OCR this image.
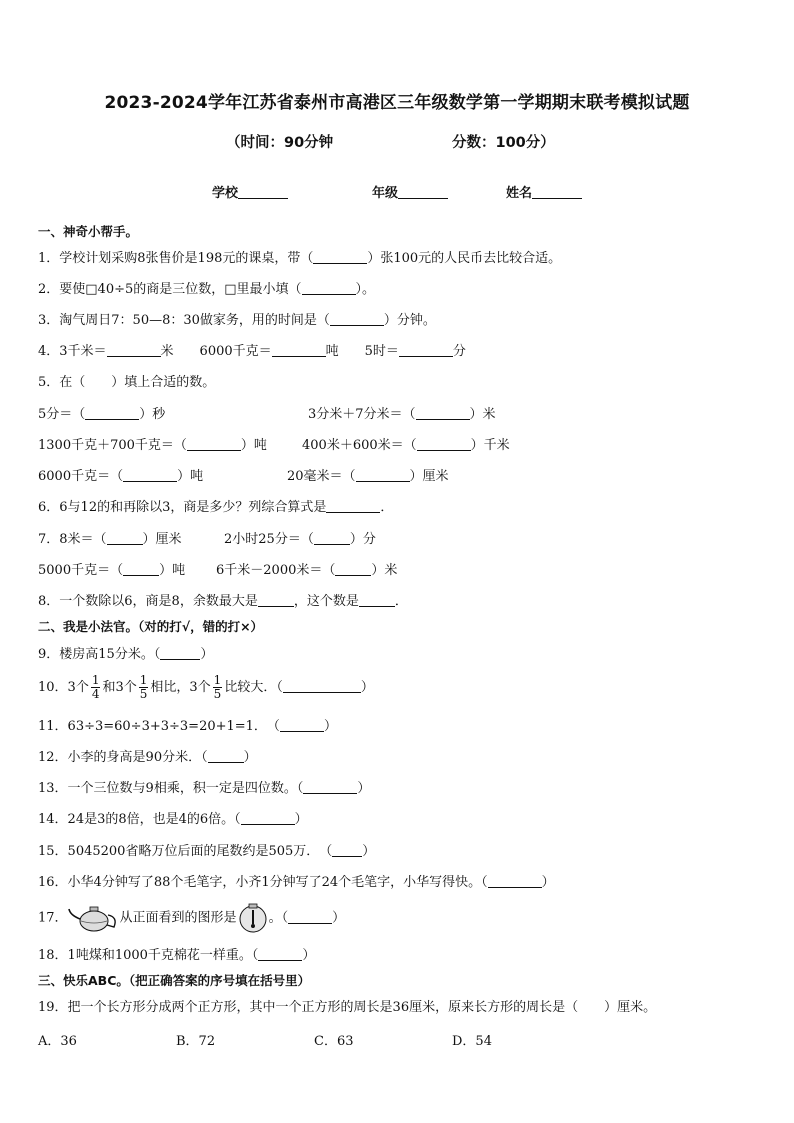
2023-2024学年江苏省泰州市高港区三年级数学第一学期期末联考模拟试题
（时间：90分钟	分数：100分）
学校	年级	姓名
一、神奇小帮手。
1．学校计划采购8张售价是198元的课桌，带（	）张100元的人民币去比较合适。
2．要使□40÷5的商是三位数，□里最小填（	）。
3．淘气周日7：50—8：30做家务，用的时间是（	）分钟。
4．3千米＝	米　　6000千克＝	吨　　5时＝	分
5．在（　　）填上合适的数。
5分＝（	）秒	3分米＋7分米＝（	）米
1300千克＋700千克＝（	）吨	400米＋600米＝（	）千米
6000千克＝（	）吨	20毫米＝（	）厘米
6．6与12的和再除以3，商是多少？列综合算式是	．
7．8米＝（	）厘米	2小时25分＝（	）分
5000千克＝（	）吨 6千米－2000米＝（	）米
8．一个数除以6，商是8，余数最大是	，这个数是	．
二、我是小法官。（对的打√，错的打×）
9．楼房高15分米。（	）
10．3个 $\frac{1}{4}$ 和3个 $\frac{1}{5}$ 相比，3个 $\frac{1}{5}$ 比较大．（	）
11．63÷3=60÷3+3÷3=20+1=1．　（	）
12．小李的身高是90分米．（	）
13．一个三位数与9相乘，积一定是四位数。（	）
14．24是3的8倍，也是4的6倍。（	）
15．5045200省略万位后面的尾数约是505万．　（ ）
16．小华4分钟写了88个毛笔字，小齐1分钟写了24个毛笔字，小华写得快。（	）
17．	从正面看到的图形是 。（	）
18．1吨煤和1000千克棉花一样重。（	）
三、快乐ABC。（把正确答案的序号填在括号里）
19．把一个长方形分成两个正方形，其中一个正方形的周长是36厘米，原来长方形的周长是（ ）厘米。
A．36	B．72	C．63	D．54
